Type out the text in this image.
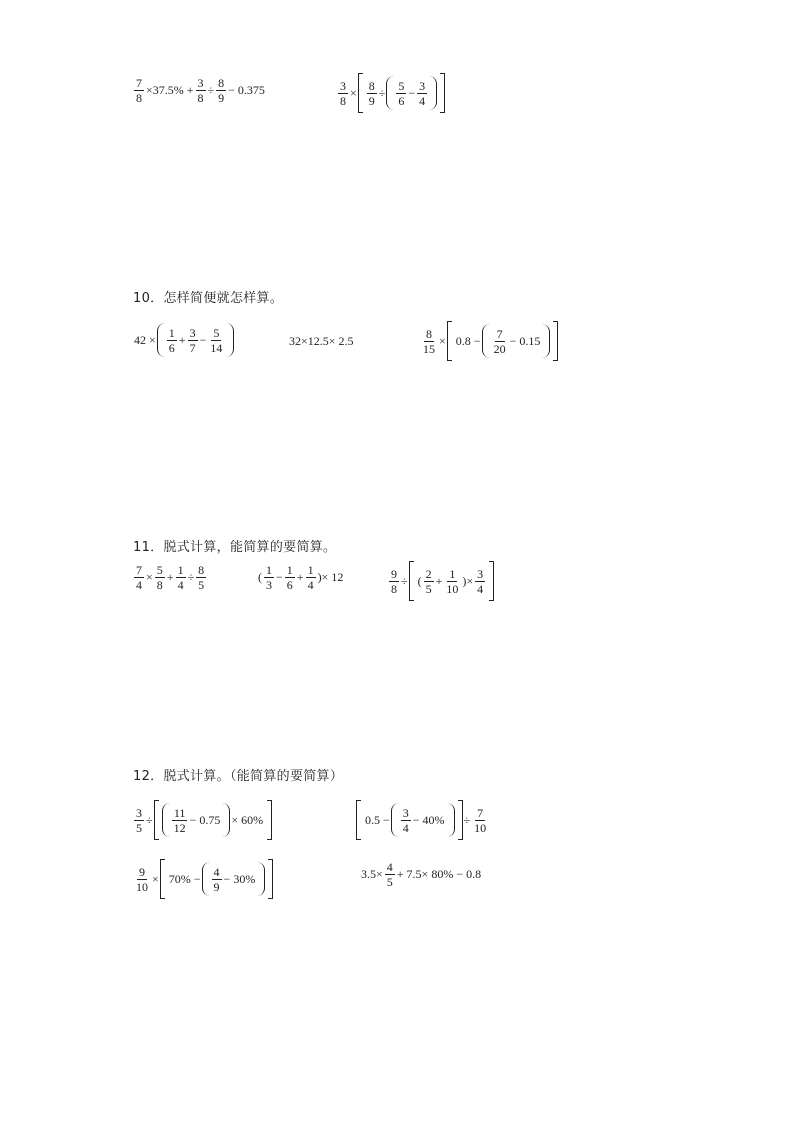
$\frac{7}{8} \times 37.5\% + \frac{3}{8} \div \frac{8}{9} - 0.375$	$\frac{3}{8} \times \frac{8}{9} \div \frac{5}{6} - \frac{3}{4}$
10．怎样简便就怎样算。
$42 \times \frac{1}{6} + \frac{3}{7} - \frac{5}{14}$	32×12.5× 2.5	$\frac{8}{15} \times 0.8 - \frac{7}{20} - 0.15$
11．脱式计算，能简算的要简算。
$\frac{7}{4} \times \frac{5}{8} + \frac{1}{4} \div \frac{8}{5}$	( $\frac{1}{3} - \frac{1}{6} + \frac{1}{4}$ )× 12	$\frac{9}{8}$ ÷ ( $\frac{2}{5} + \frac{1}{10}$ )× $\frac{3}{4}$
12．脱式计算。（能简算的要简算）
$\frac{3}{5} \div \frac{11}{12} - 0.75 \times 60\%$	$0.5 - \frac{3}{4} - 40\% \div \frac{7}{10}$
$\frac{9}{10} \times 70\% - \frac{4}{9} - 30\%$	$3.5\times \frac{4}{5} + 7.5\times 80\% - 0.8$
